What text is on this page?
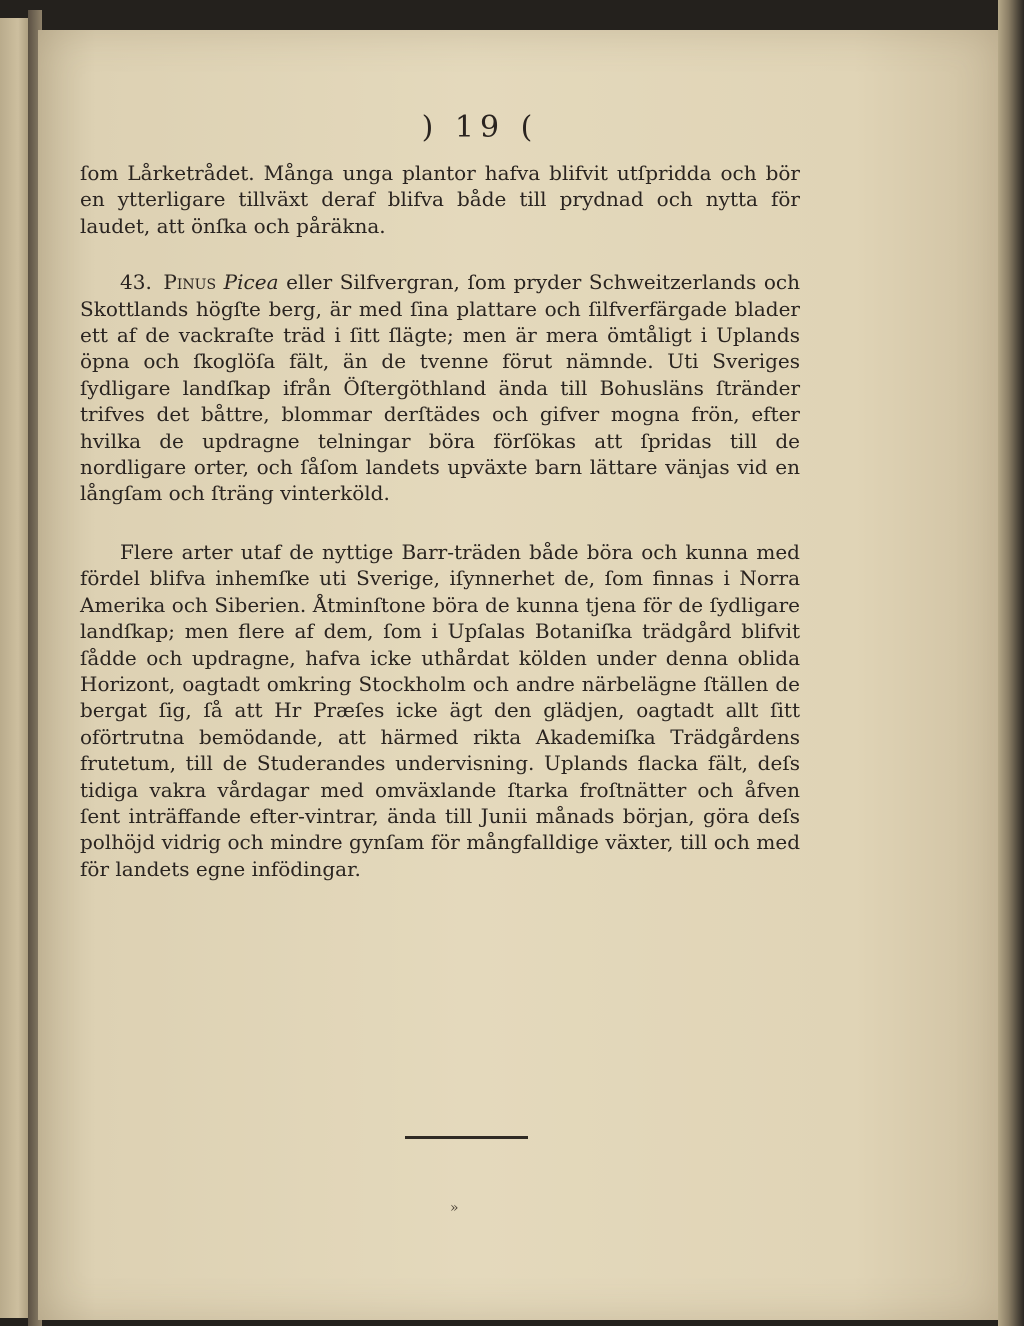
) 19 (

ſom Lårketrådet. Många unga plantor hafva blifvit utſpridda och bör en ytterligare tillväxt deraf blifva både till prydnad och nytta för laudet, att önſka och påräkna.

43. Pinus Picea eller Silfvergran, ſom pryder Schweitzerlands och Skottlands högſte berg, är med ſina plattare och ſilfverfärgade blader ett af de vackraſte träd i ſitt ſlägte; men är mera ömtåligt i Uplands öpna och ſkoglöſa fält, än de tvenne förut nämnde. Uti Sveriges ſydligare landſkap ifrån Öſtergöthland ända till Bohusläns ſtränder trifves det båttre, blommar derſtädes och gifver mogna frön, efter hvilka de updragne telningar böra förſökas att ſpridas till de nordligare orter, och ſåſom landets upväxte barn lättare vänjas vid en långſam och ſträng vinterköld.

Flere arter utaf de nyttige Barr-träden både böra och kunna med fördel blifva inhemſke uti Sverige, iſynnerhet de, ſom finnas i Norra Amerika och Siberien. Åtminſtone böra de kunna tjena för de ſydligare landſkap; men flere af dem, ſom i Upſalas Botaniſka trädgård blifvit ſådde och updragne, hafva icke uthårdat kölden under denna oblida Horizont, oagtadt omkring Stockholm och andre närbelägne ſtällen de bergat ſig, ſå att Hr Præſes icke ägt den glädjen, oagtadt allt ſitt oförtrutna bemödande, att härmed rikta Akademiſka Trädgårdens frutetum, till de Studerandes undervisning. Uplands flacka fält, deſs tidiga vakra vårdagar med omväxlande ſtarka froſtnätter och åfven ſent inträffande efter-vintrar, ända till Junii månads början, göra deſs polhöjd vidrig och mindre gynſam för mångfalldige växter, till och med för landets egne infödingar.

»
